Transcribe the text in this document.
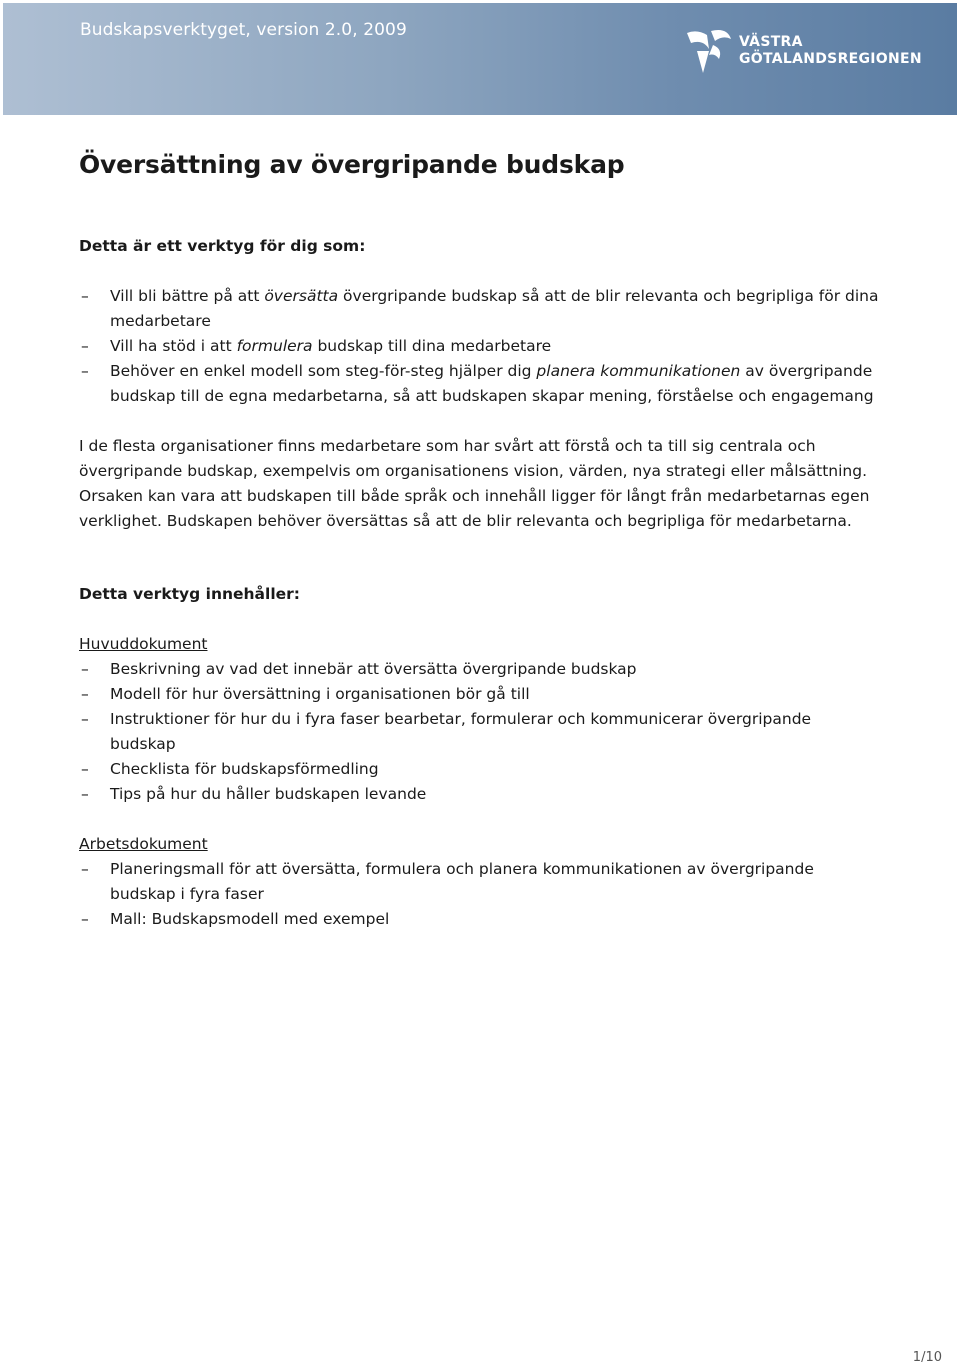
Budskapsverktyget, version 2.0, 2009
VÄSTRA
GÖTALANDSREGIONEN
Översättning av övergripande budskap

Detta är ett verktyg för dig som:

– Vill bli bättre på att översätta övergripande budskap så att de blir relevanta och begripliga för dina medarbetare
– Vill ha stöd i att formulera budskap till dina medarbetare
– Behöver en enkel modell som steg-för-steg hjälper dig planera kommunikationen av övergripande budskap till de egna medarbetarna, så att budskapen skapar mening, förståelse och engagemang

I de flesta organisationer finns medarbetare som har svårt att förstå och ta till sig centrala och övergripande budskap, exempelvis om organisationens vision, värden, nya strategi eller målsättning. Orsaken kan vara att budskapen till både språk och innehåll ligger för långt från medarbetarnas egen verklighet. Budskapen behöver översättas så att de blir relevanta och begripliga för medarbetarna.

Detta verktyg innehåller:

Huvuddokument

– Beskrivning av vad det innebär att översätta övergripande budskap
– Modell för hur översättning i organisationen bör gå till
– Instruktioner för hur du i fyra faser bearbetar, formulerar och kommunicerar övergripande budskap
– Checklista för budskapsförmedling
– Tips på hur du håller budskapen levande

Arbetsdokument

– Planeringsmall för att översätta, formulera och planera kommunikationen av övergripande budskap i fyra faser
– Mall: Budskapsmodell med exempel
1/10
